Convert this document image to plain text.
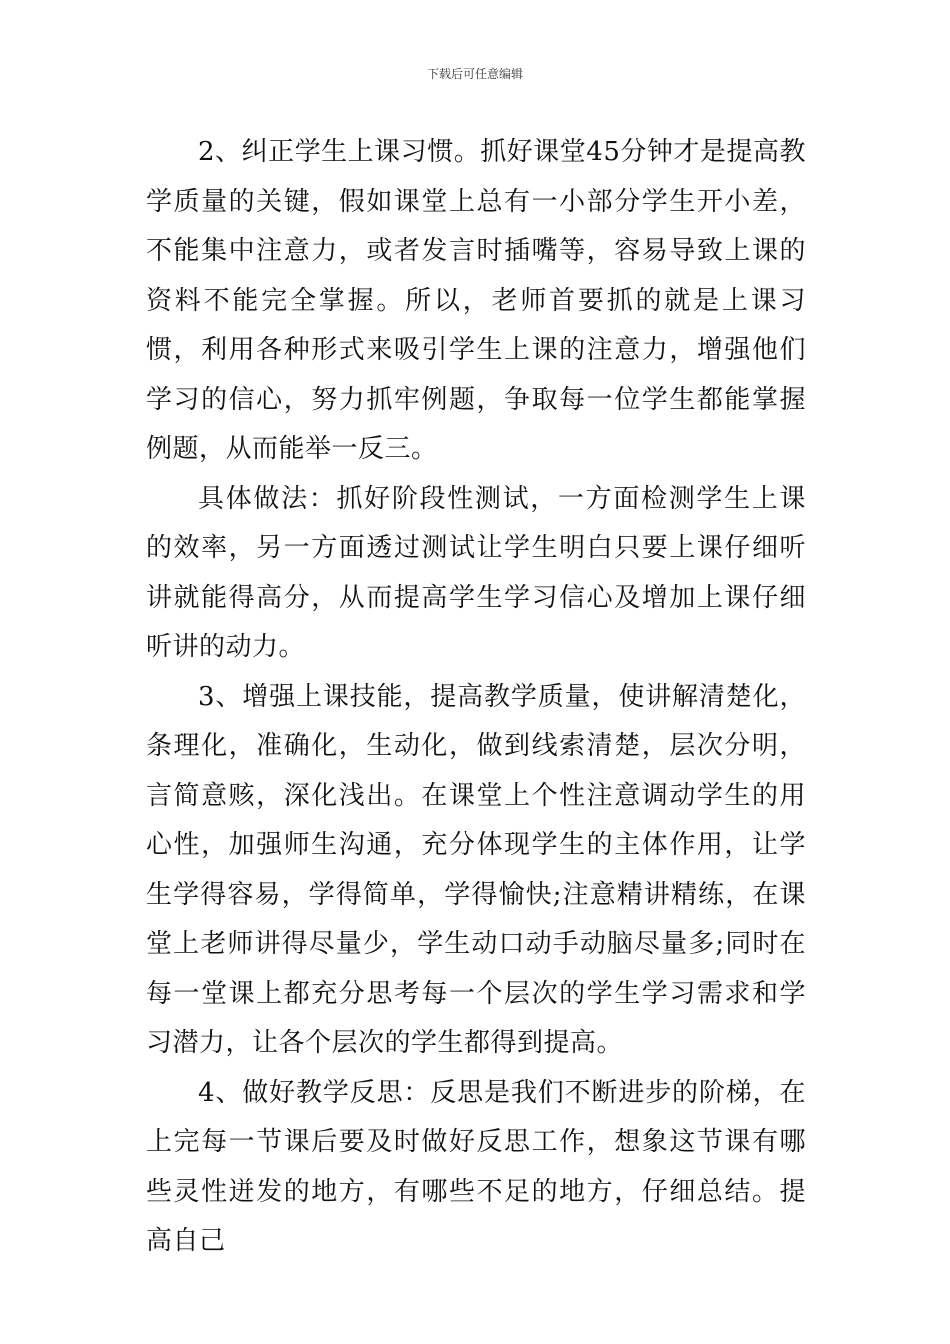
下载后可任意编辑

2、纠正学生上课习惯。抓好课堂45分钟才是提高教学质量的关键，假如课堂上总有一小部分学生开小差，不能集中注意力，或者发言时插嘴等，容易导致上课的资料不能完全掌握。所以，老师首要抓的就是上课习惯，利用各种形式来吸引学生上课的注意力，增强他们学习的信心，努力抓牢例题，争取每一位学生都能掌握例题，从而能举一反三。

具体做法：抓好阶段性测试，一方面检测学生上课的效率，另一方面透过测试让学生明白只要上课仔细听讲就能得高分，从而提高学生学习信心及增加上课仔细听讲的动力。

3、增强上课技能，提高教学质量，使讲解清楚化，条理化，准确化，生动化，做到线索清楚，层次分明，言简意赅，深化浅出。在课堂上个性注意调动学生的用心性，加强师生沟通，充分体现学生的主体作用，让学生学得容易，学得简单，学得愉快;注意精讲精练，在课堂上老师讲得尽量少，学生动口动手动脑尽量多;同时在每一堂课上都充分思考每一个层次的学生学习需求和学习潜力，让各个层次的学生都得到提高。

4、做好教学反思：反思是我们不断进步的阶梯，在上完每一节课后要及时做好反思工作，想象这节课有哪些灵性迸发的地方，有哪些不足的地方，仔细总结。提高自己
